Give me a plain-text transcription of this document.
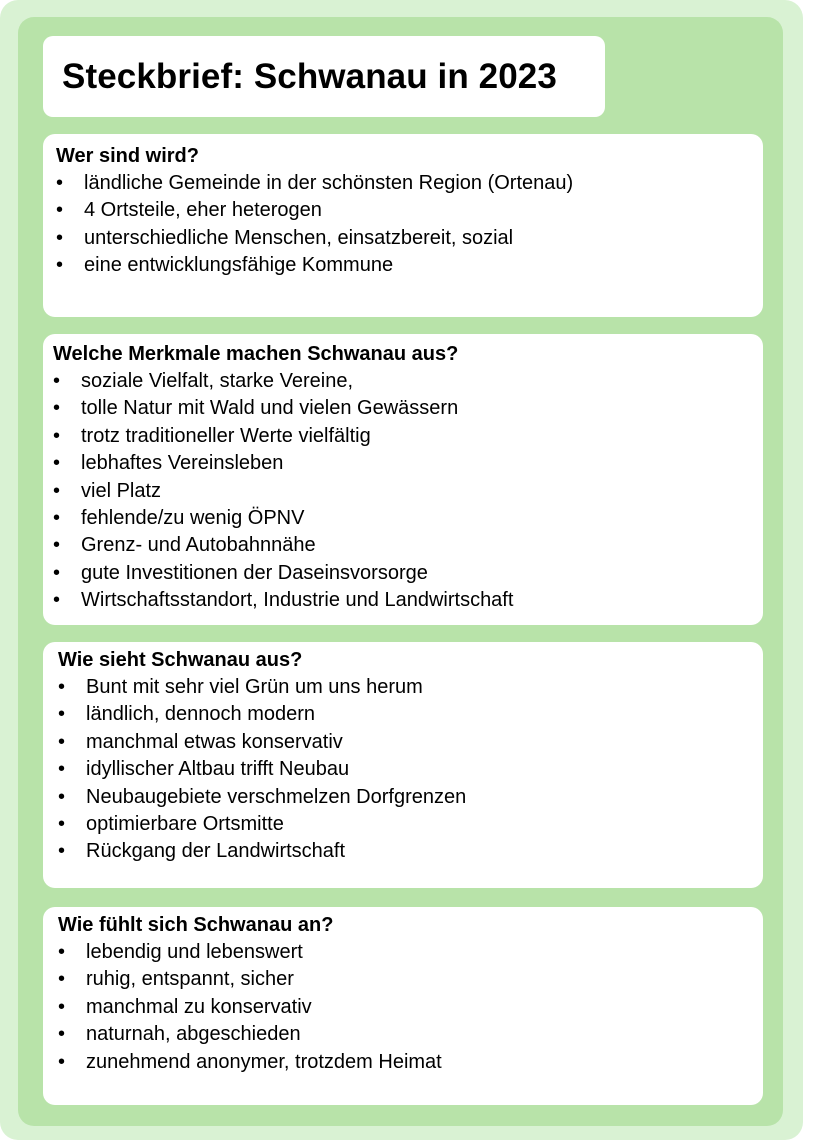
Steckbrief: Schwanau in 2023
Wer sind wird?
• ländliche Gemeinde in der schönsten Region (Ortenau)
• 4 Ortsteile, eher heterogen
• unterschiedliche Menschen, einsatzbereit, sozial
• eine entwicklungsfähige Kommune
Welche Merkmale machen Schwanau aus?
• soziale Vielfalt, starke Vereine,
• tolle Natur mit Wald und vielen Gewässern
• trotz traditioneller Werte vielfältig
• lebhaftes Vereinsleben
• viel Platz
• fehlende/zu wenig ÖPNV
• Grenz- und Autobahnnähe
• gute Investitionen der Daseinsvorsorge
• Wirtschaftsstandort, Industrie und Landwirtschaft
Wie sieht Schwanau aus?
• Bunt mit sehr viel Grün um uns herum
• ländlich, dennoch modern
• manchmal etwas konservativ
• idyllischer Altbau trifft Neubau
• Neubaugebiete verschmelzen Dorfgrenzen
• optimierbare Ortsmitte
• Rückgang der Landwirtschaft
Wie fühlt sich Schwanau an?
• lebendig und lebenswert
• ruhig, entspannt, sicher
• manchmal zu konservativ
• naturnah, abgeschieden
• zunehmend anonymer, trotzdem Heimat
